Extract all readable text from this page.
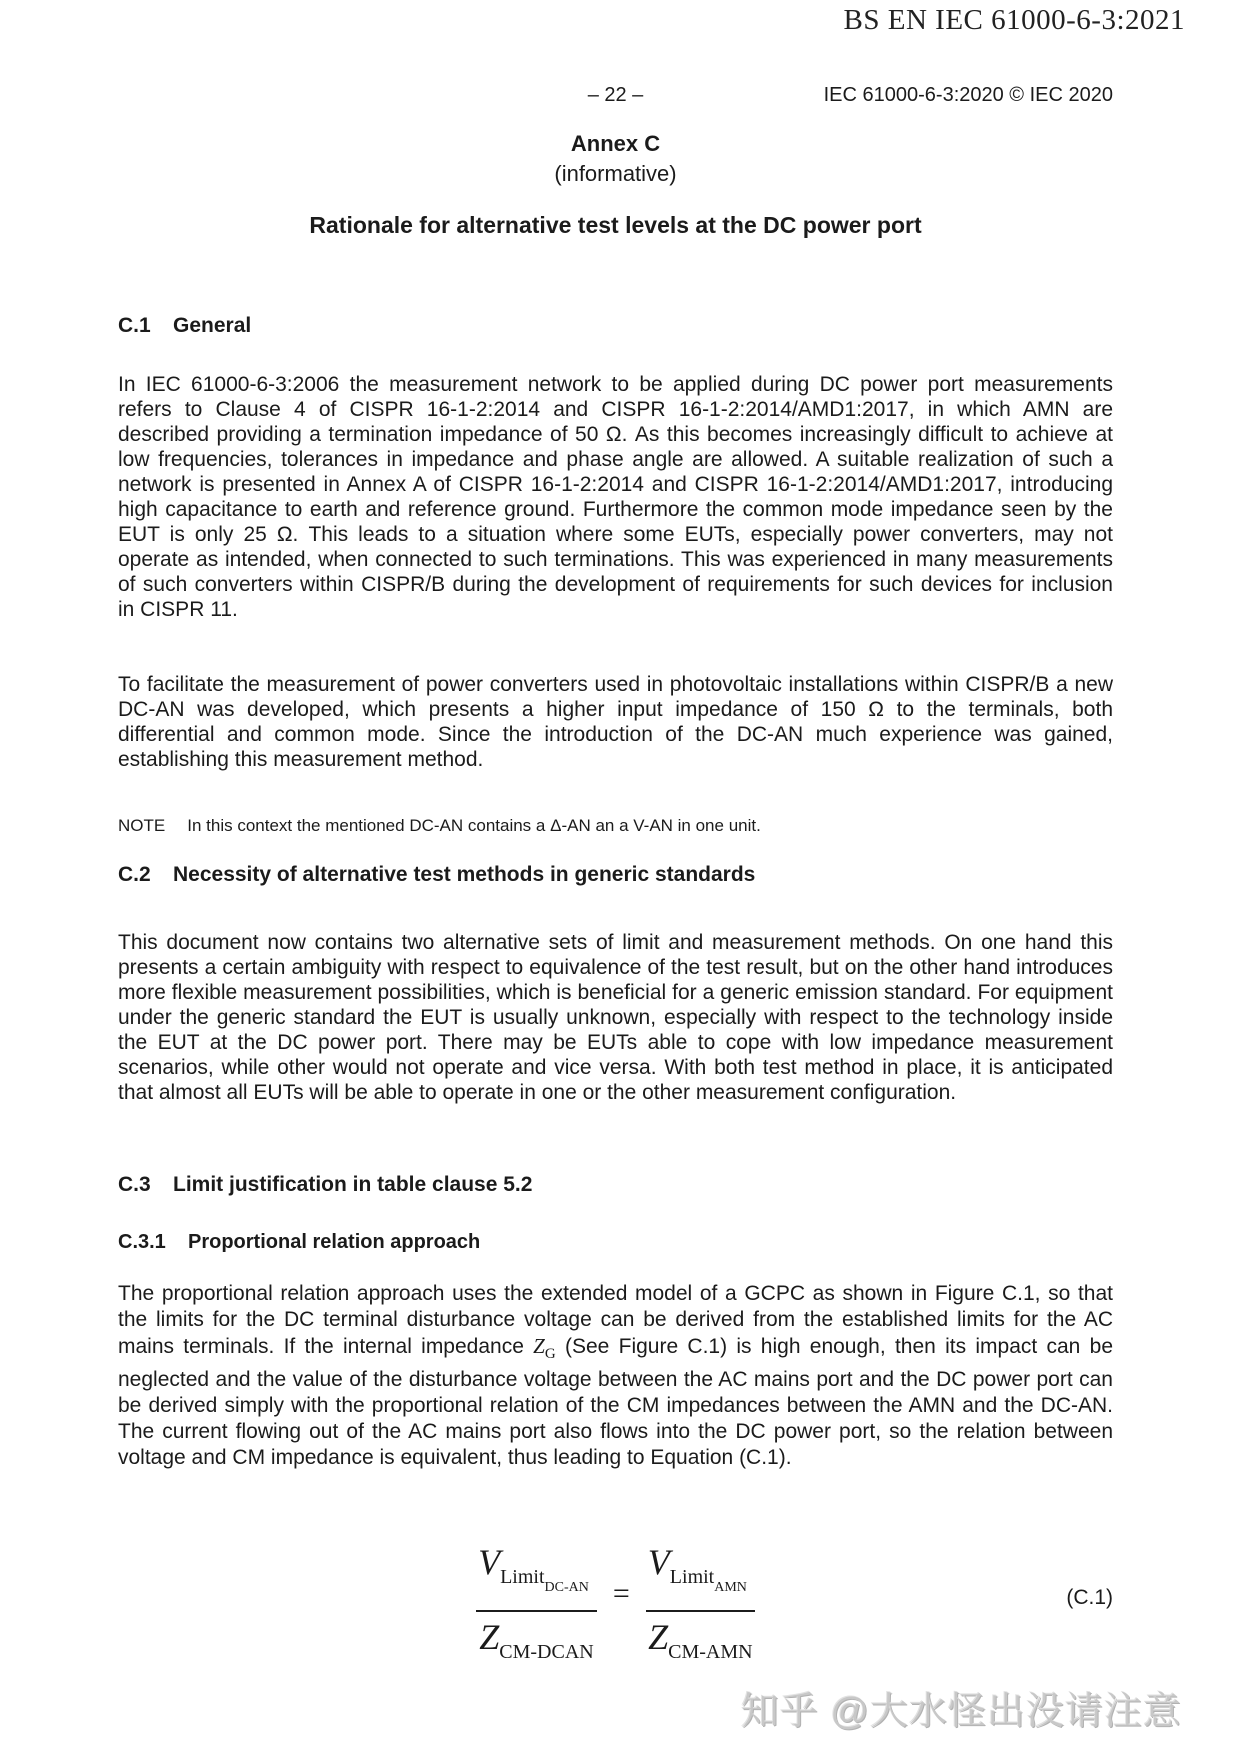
BS EN IEC 61000-6-3:2021
– 22 –	IEC 61000-6-3:2020 © IEC 2020
Annex C
(informative)
Rationale for alternative test levels at the DC power port
C.1 General
In IEC 61000-6-3:2006 the measurement network to be applied during DC power port measurements refers to Clause 4 of CISPR 16-1-2:2014 and CISPR 16-1-2:2014/AMD1:2017, in which AMN are described providing a termination impedance of 50 Ω. As this becomes increasingly difficult to achieve at low frequencies, tolerances in impedance and phase angle are allowed. A suitable realization of such a network is presented in Annex A of CISPR 16-1-2:2014 and CISPR 16-1-2:2014/AMD1:2017, introducing high capacitance to earth and reference ground. Furthermore the common mode impedance seen by the EUT is only 25 Ω. This leads to a situation where some EUTs, especially power converters, may not operate as intended, when connected to such terminations. This was experienced in many measurements of such converters within CISPR/B during the development of requirements for such devices for inclusion in CISPR 11.
To facilitate the measurement of power converters used in photovoltaic installations within CISPR/B a new DC-AN was developed, which presents a higher input impedance of 150 Ω to the terminals, both differential and common mode. Since the introduction of the DC-AN much experience was gained, establishing this measurement method.
NOTE In this context the mentioned DC-AN contains a Δ-AN an a V-AN in one unit.
C.2 Necessity of alternative test methods in generic standards
This document now contains two alternative sets of limit and measurement methods. On one hand this presents a certain ambiguity with respect to equivalence of the test result, but on the other hand introduces more flexible measurement possibilities, which is beneficial for a generic emission standard. For equipment under the generic standard the EUT is usually unknown, especially with respect to the technology inside the EUT at the DC power port. There may be EUTs able to cope with low impedance measurement scenarios, while other would not operate and vice versa. With both test method in place, it is anticipated that almost all EUTs will be able to operate in one or the other measurement configuration.
C.3 Limit justification in table clause 5.2
C.3.1 Proportional relation approach
The proportional relation approach uses the extended model of a GCPC as shown in Figure C.1, so that the limits for the DC terminal disturbance voltage can be derived from the established limits for the AC mains terminals. If the internal impedance $Z_G$ (See Figure C.1) is high enough, then its impact can be neglected and the value of the disturbance voltage between the AC mains port and the DC power port can be derived simply with the proportional relation of the CM impedances between the AMN and the DC-AN. The current flowing out of the AC mains port also flows into the DC power port, so the relation between voltage and CM impedance is equivalent, thus leading to Equation (C.1).
$\frac{\text{VLimitDC-AN}}{\text{ZCM-DCAN}} = \frac{\text{VLimitAMN}}{\text{ZCM-AMN}}$	(C.1)
知乎 @大水怪出没请注意
